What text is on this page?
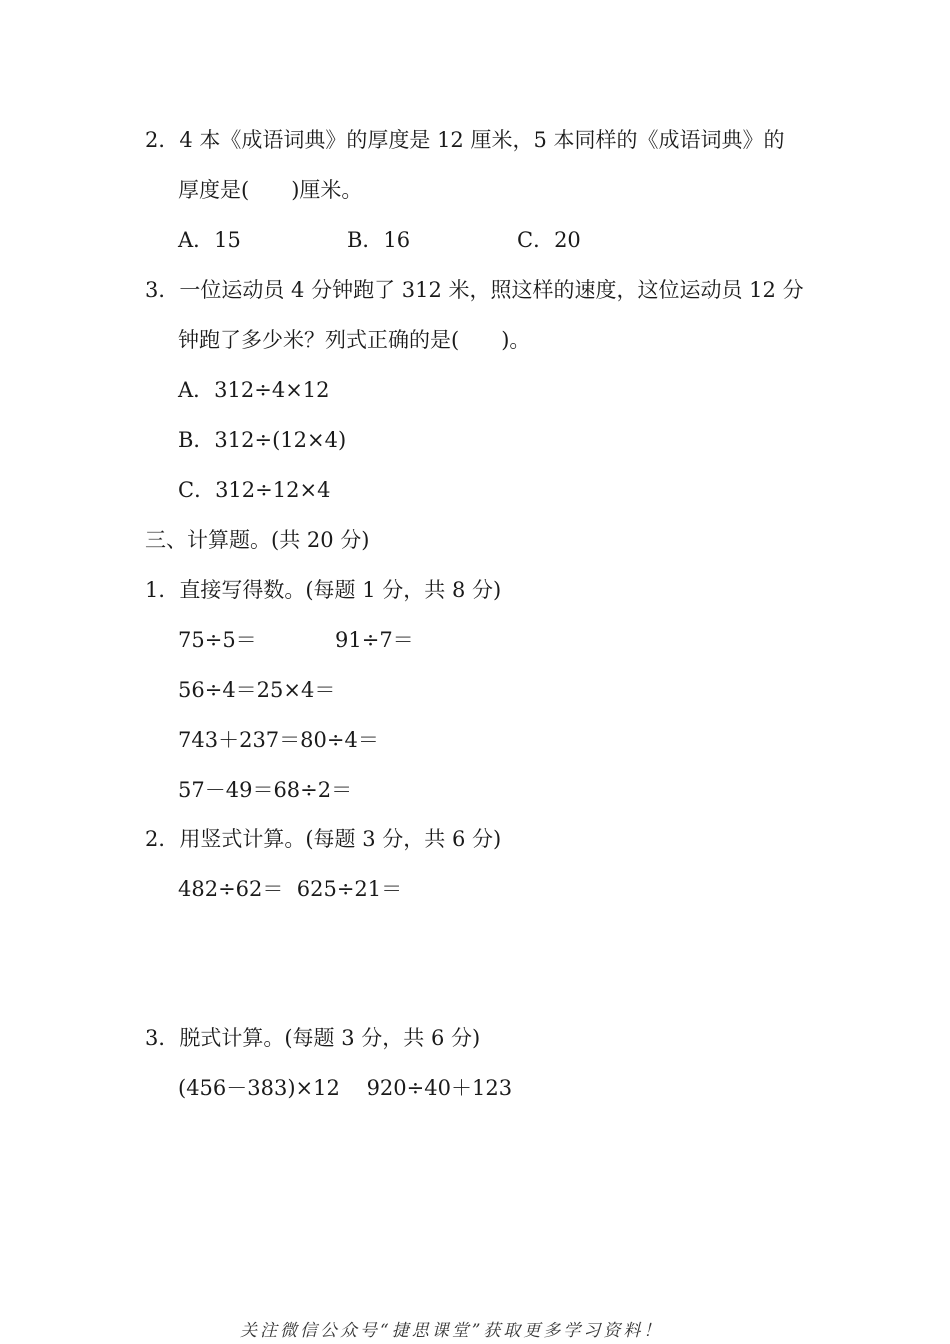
2．4 本《成语词典》的厚度是 12 厘米，5 本同样的《成语词典》的
厚度是(　　)厘米。
A．15	B．16	C．20
3．一位运动员 4 分钟跑了 312 米，照这样的速度，这位运动员 12 分
钟跑了多少米？列式正确的是(　　)。
A．312÷4×12
B．312÷(12×4)
C．312÷12×4
三、计算题。(共 20 分)
1．直接写得数。(每题 1 分，共 8 分)
75÷5＝	91÷7＝
56÷4＝25×4＝
743＋237＝80÷4＝
57－49＝68÷2＝
2．用竖式计算。(每题 3 分，共 6 分)
482÷62＝  625÷21＝
3．脱式计算。(每题 3 分，共 6 分)
(456－383)×12    920÷40＋123
关注微信公众号“捷思课堂”获取更多学习资料！
